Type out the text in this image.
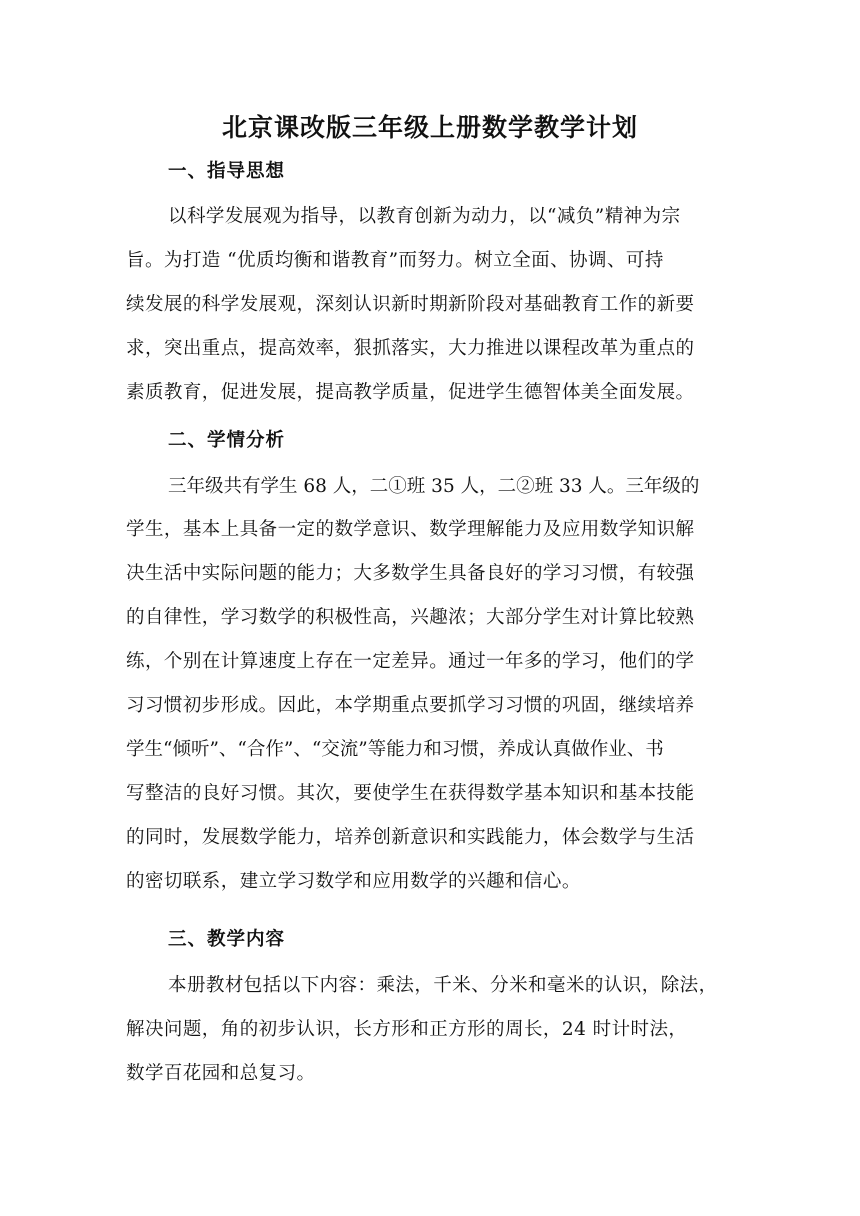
北京课改版三年级上册数学教学计划
一、指导思想

以科学发展观为指导，以教育创新为动力，以“减负”精神为宗

旨。为打造 “优质均衡和谐教育”而努力。树立全面、协调、可持

续发展的科学发展观，深刻认识新时期新阶段对基础教育工作的新要

求，突出重点，提高效率，狠抓落实，大力推进以课程改革为重点的

素质教育，促进发展，提高教学质量，促进学生德智体美全面发展。

二、学情分析

三年级共有学生 68 人，二①班 35 人，二②班 33 人。三年级的

学生，基本上具备一定的数学意识、数学理解能力及应用数学知识解

决生活中实际问题的能力；大多数学生具备良好的学习习惯，有较强

的自律性，学习数学的积极性高，兴趣浓；大部分学生对计算比较熟

练，个别在计算速度上存在一定差异。通过一年多的学习，他们的学

习习惯初步形成。因此，本学期重点要抓学习习惯的巩固，继续培养

学生“倾听”、“合作”、“交流”等能力和习惯，养成认真做作业、书

写整洁的良好习惯。其次，要使学生在获得数学基本知识和基本技能

的同时，发展数学能力，培养创新意识和实践能力，体会数学与生活

的密切联系，建立学习数学和应用数学的兴趣和信心。

三、教学内容

本册教材包括以下内容：乘法，千米、分米和毫米的认识，除法，

解决问题，角的初步认识，长方形和正方形的周长，24 时计时法，

数学百花园和总复习。
